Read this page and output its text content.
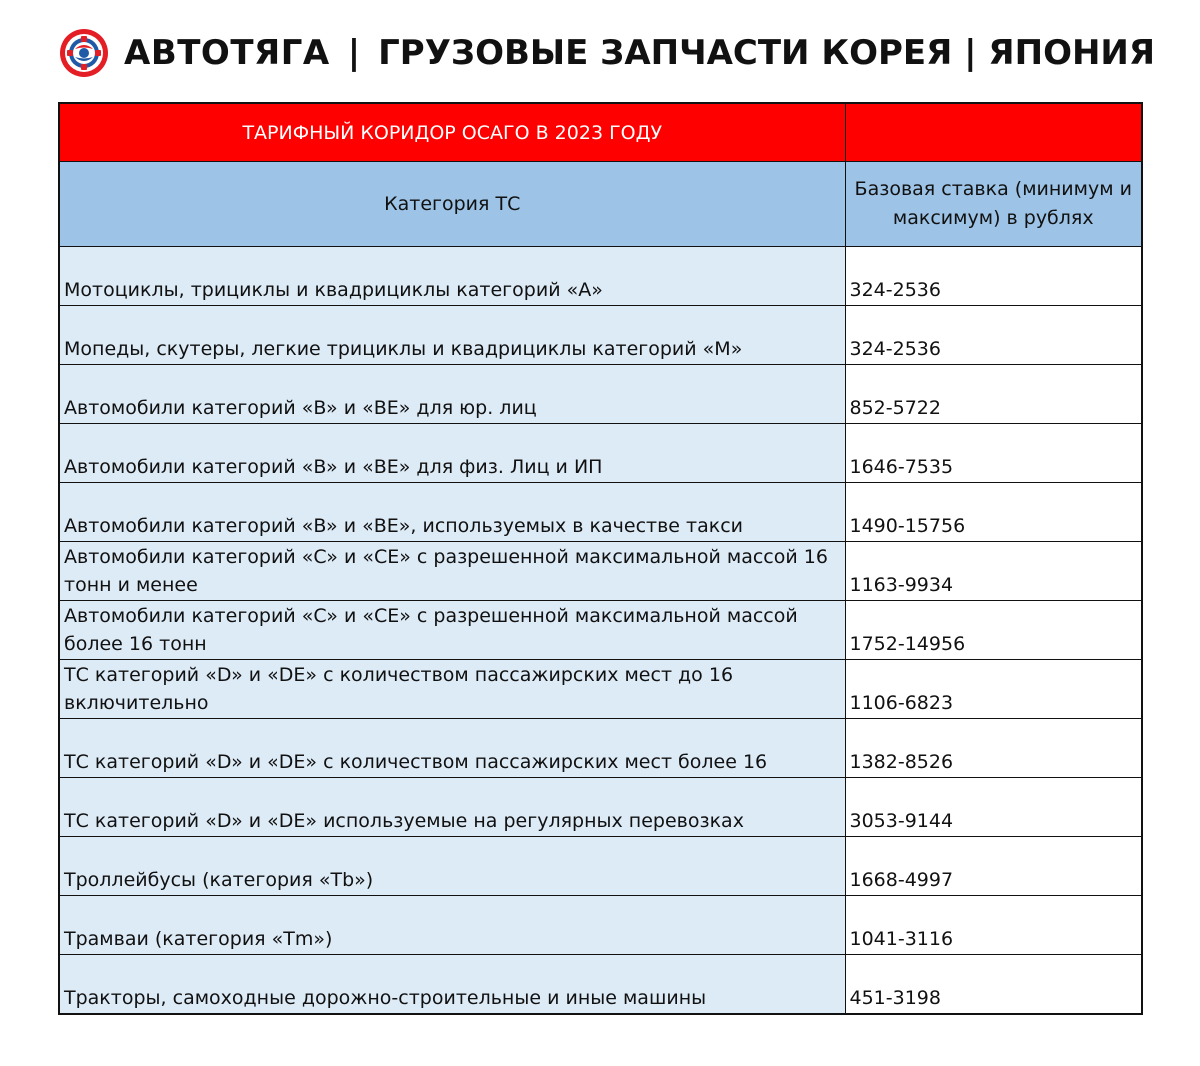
АВТОТЯГА | ГРУЗОВЫЕ ЗАПЧАСТИ КОРЕЯ | ЯПОНИЯ
ТАРИФНЫЙ КОРИДОР ОСАГО В 2023 ГОДУ	
Категория ТС	Базовая ставка (минимум и максимум) в рублях
Мотоциклы, трициклы и квадрициклы категорий «А»	324-2536
Мопеды, скутеры, легкие трициклы и квадрициклы категорий «М»	324-2536
Автомобили категорий «B» и «BE» для юр. лиц	852-5722
Автомобили категорий «B» и «BE» для физ. Лиц и ИП	1646-7535
Автомобили категорий «B» и «BE», используемых в качестве такси	1490-15756
Автомобили категорий «C» и «CE» с разрешенной максимальной массой 16 тонн и менее	1163-9934
Автомобили категорий «C» и «CE» с разрешенной максимальной массой более 16 тонн	1752-14956
ТС категорий «D» и «DE» с количеством пассажирских мест до 16 включительно	1106-6823
ТС категорий «D» и «DE» с количеством пассажирских мест более 16	1382-8526
ТС категорий «D» и «DE» используемые на регулярных перевозках	3053-9144
Троллейбусы (категория «Tb»)	1668-4997
Трамваи (категория «Tm»)	1041-3116
Тракторы, самоходные дорожно-строительные и иные машины	451-3198
